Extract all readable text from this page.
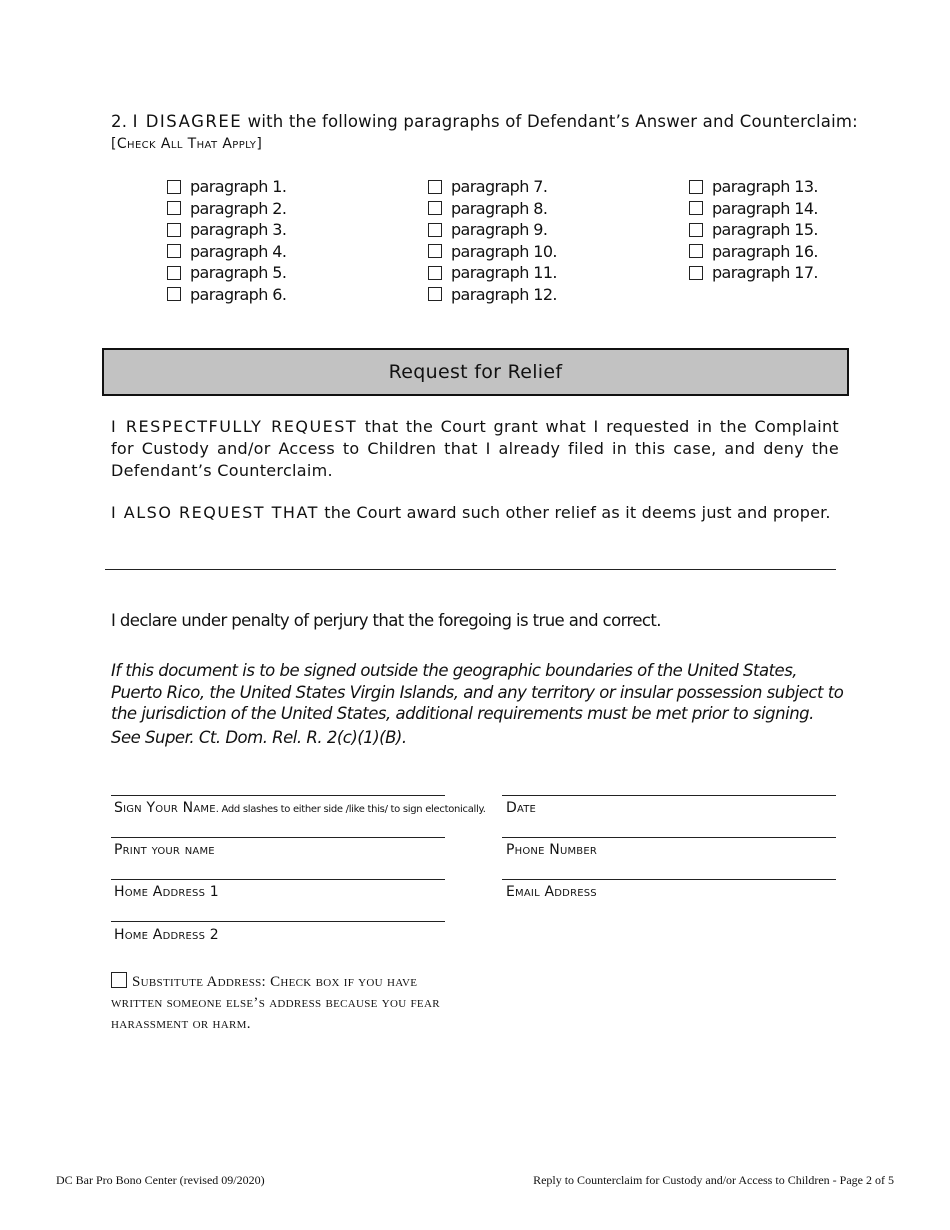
2. I DISAGREE with the following paragraphs of Defendant’s Answer and Counterclaim:
[Check All That Apply]
paragraph 1.
paragraph 2.
paragraph 3.
paragraph 4.
paragraph 5.
paragraph 6.
paragraph 7.
paragraph 8.
paragraph 9.
paragraph 10.
paragraph 11.
paragraph 12.
paragraph 13.
paragraph 14.
paragraph 15.
paragraph 16.
paragraph 17.
Request for Relief
I RESPECTFULLY REQUEST that the Court grant what I requested in the Complaint for Custody and/or Access to Children that I already filed in this case, and deny the Defendant’s Counterclaim.
I ALSO REQUEST THAT the Court award such other relief as it deems just and proper.
I declare under penalty of perjury that the foregoing is true and correct.
If this document is to be signed outside the geographic boundaries of the United States, Puerto Rico, the United States Virgin Islands, and any territory or insular possession subject to the jurisdiction of the United States, additional requirements must be met prior to signing.
See Super. Ct. Dom. Rel. R. 2(c)(1)(B).
Sign Your Name. Add slashes to either side /like this/ to sign electonically. Date
Print your name	Phone Number
Home Address 1	Email Address
Home Address 2
Substitute Address: Check box if you have written someone else’s address because you fear harassment or harm.
DC Bar Pro Bono Center (revised 09/2020)	Reply to Counterclaim for Custody and/or Access to Children - Page 2 of 5
